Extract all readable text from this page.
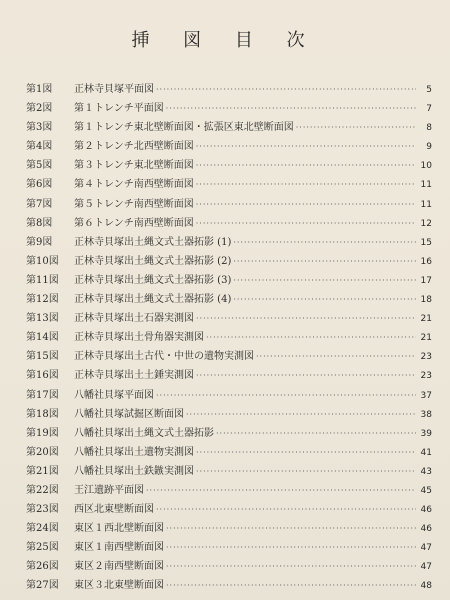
挿 図 目 次
第1図	正林寺貝塚平面図 ·····	5
第2図	第１トレンチ平面図 ·····	7
第3図	第１トレンチ東北壁断面図・拡張区東北壁断面図 ·····	8
第4図	第２トレンチ北西壁断面図 ·····	9
第5図	第３トレンチ東北壁断面図 ·····	10
第6図	第４トレンチ南西壁断面図 ·····	11
第7図	第５トレンチ南西壁断面図 ·····	11
第8図	第６トレンチ南西壁断面図 ·····	12
第9図	正林寺貝塚出土縄文式土器拓影 (1) ·····	15
第10図	正林寺貝塚出土縄文式土器拓影 (2) ·····	16
第11図	正林寺貝塚出土縄文式土器拓影 (3) ·····	17
第12図	正林寺貝塚出土縄文式土器拓影 (4) ·····	18
第13図	正林寺貝塚出土石器実測図 ·····	21
第14図	正林寺貝塚出土骨角器実測図 ·····	21
第15図	正林寺貝塚出土古代・中世の遺物実測図 ·····	23
第16図	正林寺貝塚出土土錘実測図 ·····	23
第17図	八幡社貝塚平面図 ·····	37
第18図	八幡社貝塚試掘区断面図 ·····	38
第19図	八幡社貝塚出土縄文式土器拓影 ·····	39
第20図	八幡社貝塚出土遺物実測図 ·····	41
第21図	八幡社貝塚出土鉄鏃実測図 ·····	43
第22図	王江遺跡平面図 ·····	45
第23図	西区北東壁断面図 ·····	46
第24図	東区１西北壁断面図 ·····	46
第25図	東区１南西壁断面図 ·····	47
第26図	東区２南西壁断面図 ·····	47
第27図	東区３北東壁断面図 ·····	48
